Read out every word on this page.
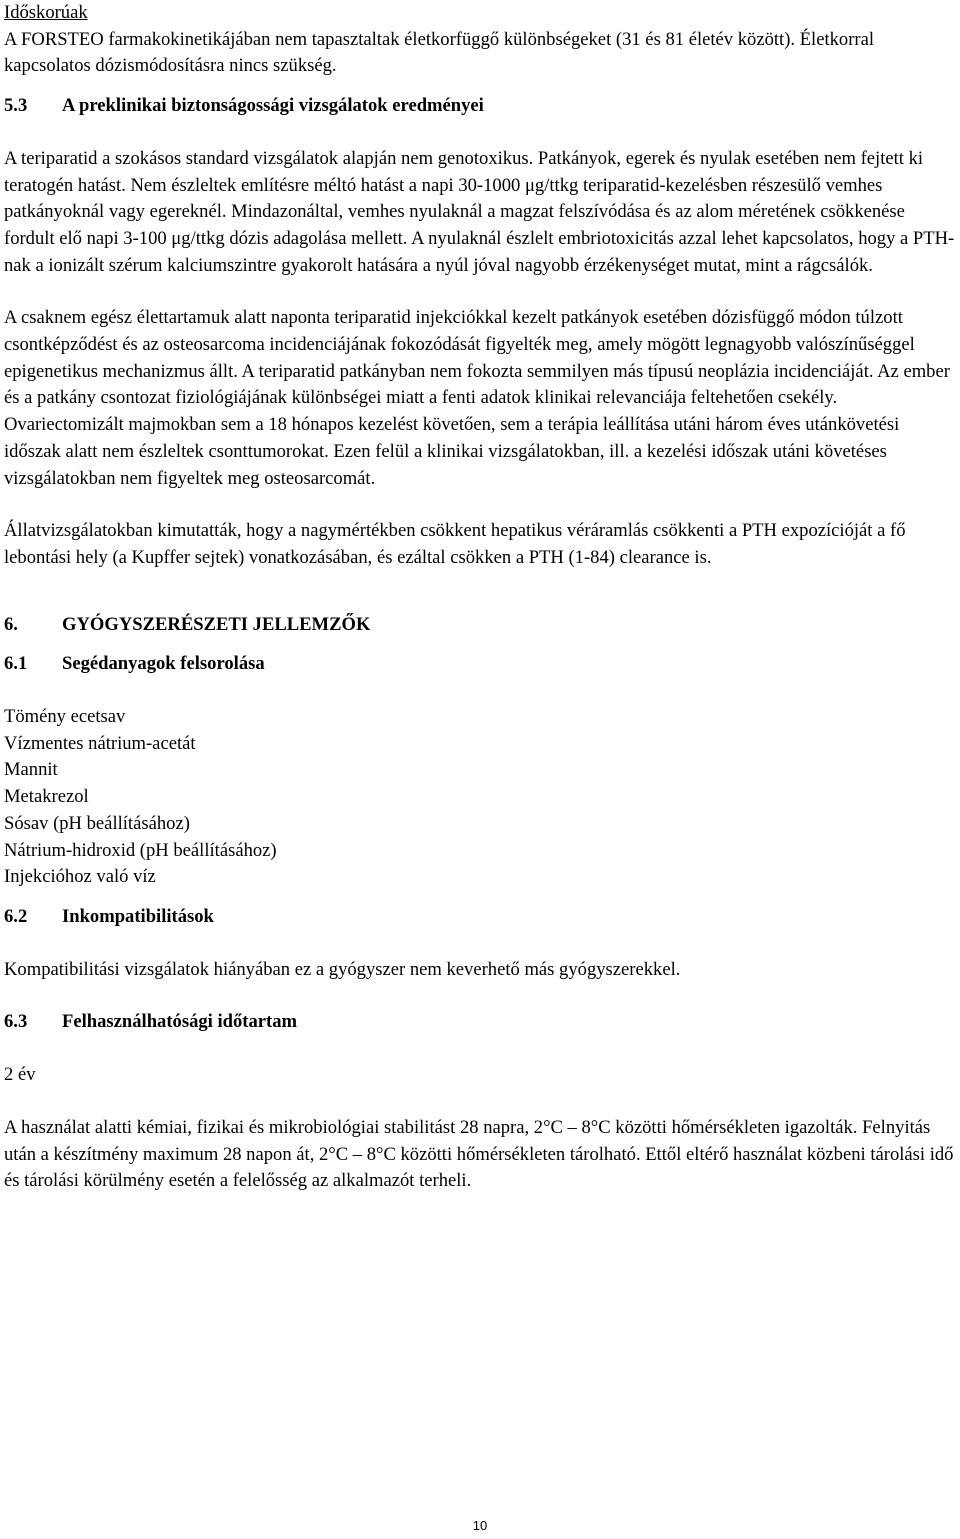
Időskorúak

A FORSTEO farmakokinetikájában nem tapasztaltak életkorfüggő különbségeket (31 és 81 életév között). Életkorral kapcsolatos dózismódosításra nincs szükség.

5.3 A preklinikai biztonságossági vizsgálatok eredményei

A teriparatid a szokásos standard vizsgálatok alapján nem genotoxikus. Patkányok, egerek és nyulak esetében nem fejtett ki teratogén hatást. Nem észleltek említésre méltó hatást a napi 30-1000 μg/ttkg teriparatid-kezelésben részesülő vemhes patkányoknál vagy egereknél. Mindazonáltal, vemhes nyulaknál a magzat felszívódása és az alom méretének csökkenése fordult elő napi 3-100 μg/ttkg dózis adagolása mellett. A nyulaknál észlelt embriotoxicitás azzal lehet kapcsolatos, hogy a PTH-nak a ionizált szérum kalciumszintre gyakorolt hatására a nyúl jóval nagyobb érzékenységet mutat, mint a rágcsálók.

A csaknem egész élettartamuk alatt naponta teriparatid injekciókkal kezelt patkányok esetében dózisfüggő módon túlzott csontképződést és az osteosarcoma incidenciájának fokozódását figyelték meg, amely mögött legnagyobb valószínűséggel epigenetikus mechanizmus állt. A teriparatid patkányban nem fokozta semmilyen más típusú neoplázia incidenciáját. Az ember és a patkány csontozat fiziológiájának különbségei miatt a fenti adatok klinikai relevanciája feltehetően csekély. Ovariectomizált majmokban sem a 18 hónapos kezelést követően, sem a terápia leállítása utáni három éves utánkövetési időszak alatt nem észleltek csonttumorokat. Ezen felül a klinikai vizsgálatokban, ill. a kezelési időszak utáni követéses vizsgálatokban nem figyeltek meg osteosarcomát.

Állatvizsgálatokban kimutatták, hogy a nagymértékben csökkent hepatikus véráramlás csökkenti a PTH expozícióját a fő lebontási hely (a Kupffer sejtek) vonatkozásában, és ezáltal csökken a PTH (1-84) clearance is.

6. GYÓGYSZERÉSZETI JELLEMZŐK

6.1 Segédanyagok felsorolása

Tömény ecetsav

Vízmentes nátrium-acetát

Mannit

Metakrezol

Sósav (pH beállításához)

Nátrium-hidroxid (pH beállításához)

Injekcióhoz való víz

6.2 Inkompatibilitások

Kompatibilitási vizsgálatok hiányában ez a gyógyszer nem keverhető más gyógyszerekkel.

6.3 Felhasználhatósági időtartam

2 év

A használat alatti kémiai, fizikai és mikrobiológiai stabilitást 28 napra, 2°C – 8°C közötti hőmérsékleten igazolták. Felnyitás után a készítmény maximum 28 napon át, 2°C – 8°C közötti hőmérsékleten tárolható. Ettől eltérő használat közbeni tárolási idő és tárolási körülmény esetén a felelősség az alkalmazót terheli.

10
